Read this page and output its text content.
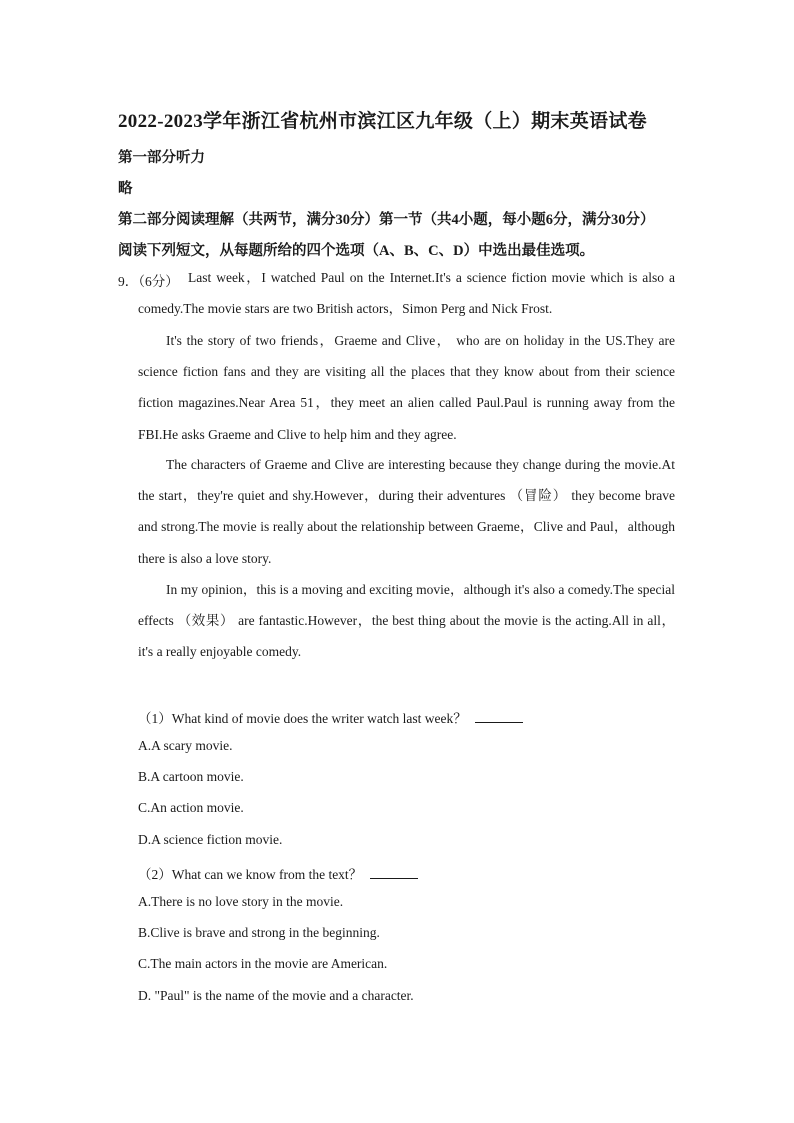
2022-2023学年浙江省杭州市滨江区九年级（上）期末英语试卷
第一部分听力
略
第二部分阅读理解（共两节，满分30分）第一节（共4小题，每小题6分，满分30分）
阅读下列短文，从每题所给的四个选项（A、B、C、D）中选出最佳选项。
9．（6分） Last week，I watched Paul on the Internet.It's a science fiction movie which is also a comedy.The movie stars are two British actors，Simon Perg and Nick Frost.
It's the story of two friends，Graeme and Clive， who are on holiday in the US.They are science fiction fans and they are visiting all the places that they know about from their science fiction magazines.Near Area 51，they meet an alien called Paul.Paul is running away from the FBI.He asks Graeme and Clive to help him and they agree.
The characters of Graeme and Clive are interesting because they change during the movie.At the start，they're quiet and shy.However，during their adventures （冒险） they become brave and strong.The movie is really about the relationship between Graeme，Clive and Paul，although there is also a love story.
In my opinion，this is a moving and exciting movie，although it's also a comedy.The special effects （效果） are fantastic.However，the best thing about the movie is the acting.All in all，it's a really enjoyable comedy.
（1）What kind of movie does the writer watch last week？
A.A scary movie.
B.A cartoon movie.
C.An action movie.
D.A science fiction movie.
（2）What can we know from the text？
A.There is no love story in the movie.
B.Clive is brave and strong in the beginning.
C.The main actors in the movie are American.
D. "Paul" is the name of the movie and a character.
